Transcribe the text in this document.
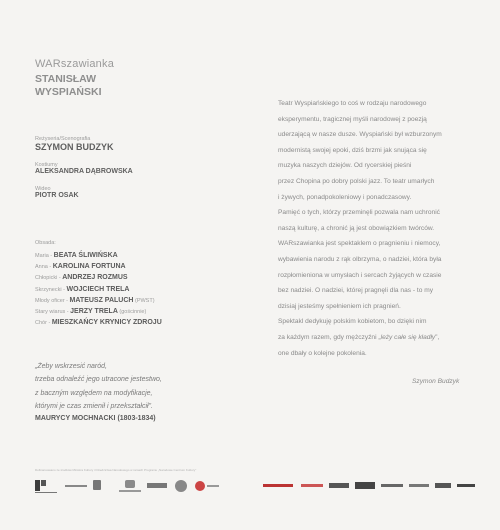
WARszawianka
STANISŁAW
WYSPIAŃSKI
Reżyseria/Scenografia
SZYMON BUDZYK
Kostiumy
ALEKSANDRA DĄBROWSKA
Wideo
PIOTR OSAK
Obsada:
Maria - BEATA ŚLIWIŃSKA
Anna - KAROLINA FORTUNA
Chłopicki - ANDRZEJ ROZMUS
Skrzynecki - WOJCIECH TRELA
Młody oficer - MATEUSZ PALUCH (PWST)
Stary wiarus - JERZY TRELA (gościnnie)
Chór - MIESZKAŃCY KRYNICY ZDROJU
„Żeby wskrzesić naród,
trzeba odnaleźć jego utracone jestestwo,
z baczným względem na modyfikacje,
którymi je czas zmienił i przekształcił”.
MAURYCY MOCHNACKI (1803-1834)
Teatr Wyspiańskiego to coś w rodzaju narodowego
eksperymentu, tragicznej myśli narodowej z poezją
uderzającą w nasze dusze. Wyspiański był wzburzonym
modernistą swojej epoki, dziś brzmi jak snująca się
muzyka naszych dziejów. Od rycerskiej pieśni
przez Chopina po dobry polski jazz. To teatr umarłych
i żywych, ponadpokoleniowy i ponadczasowy.
Pamięć o tych, którzy przeminęli pozwala nam uchronić
naszą kulturę, a chronić ją jest obowiązkiem twórców.
WARszawianka jest spektaklem o pragnieniu i niemocy,
wybawienia narodu z rąk olbrzyma, o nadziei, która była
rozpłomieniona w umysłach i sercach żyjących w czasie
bez nadziei. O nadziei, której pragnęli dla nas - to my
dzisiaj jesteśmy spełnieniem ich pragnień.
Spektakl dedykuję polskim kobietom, bo dzięki nim
za każdym razem, gdy mężczyźni „leży całe się kładły”,
one dbały o kolejne pokolenia.
Szymon Budzyk
Dofinansowano ze środków Ministra Kultury i Dziedzictwa Narodowego w ramach Programu „Narodowe Centrum Kultury”
